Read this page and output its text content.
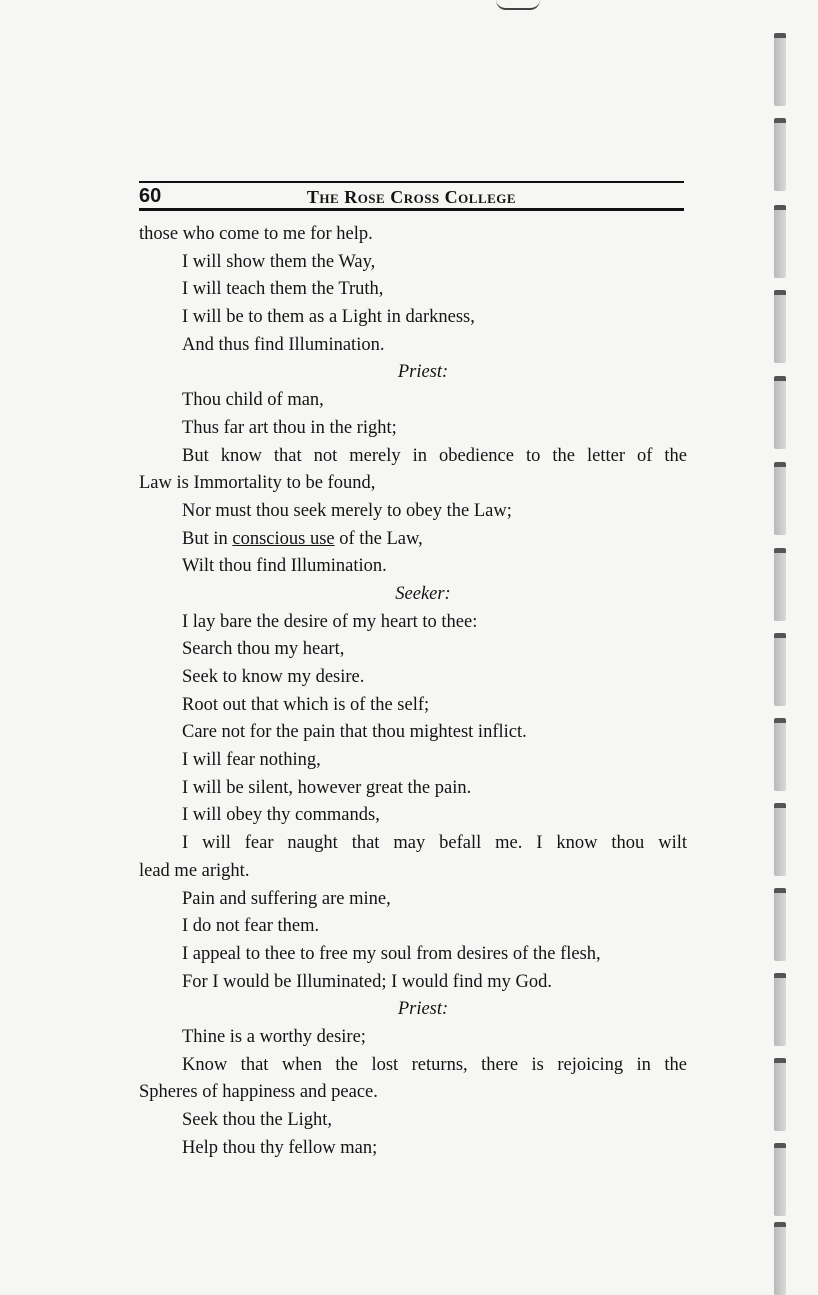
60	The Rose Cross College
those who come to me for help.
I will show them the Way,
I will teach them the Truth,
I will be to them as a Light in darkness,
And thus find Illumination.
Priest:
Thou child of man,
Thus far art thou in the right;
But know that not merely in obedience to the letter of the
Law is Immortality to be found,
Nor must thou seek merely to obey the Law;
But in conscious use of the Law,
Wilt thou find Illumination.
Seeker:
I lay bare the desire of my heart to thee:
Search thou my heart,
Seek to know my desire.
Root out that which is of the self;
Care not for the pain that thou mightest inflict.
I will fear nothing,
I will be silent, however great the pain.
I will obey thy commands,
I will fear naught that may befall me. I know thou wilt
lead me aright.
Pain and suffering are mine,
I do not fear them.
I appeal to thee to free my soul from desires of the flesh,
For I would be Illuminated; I would find my God.
Priest:
Thine is a worthy desire;
Know that when the lost returns, there is rejoicing in the
Spheres of happiness and peace.
Seek thou the Light,
Help thou thy fellow man;
